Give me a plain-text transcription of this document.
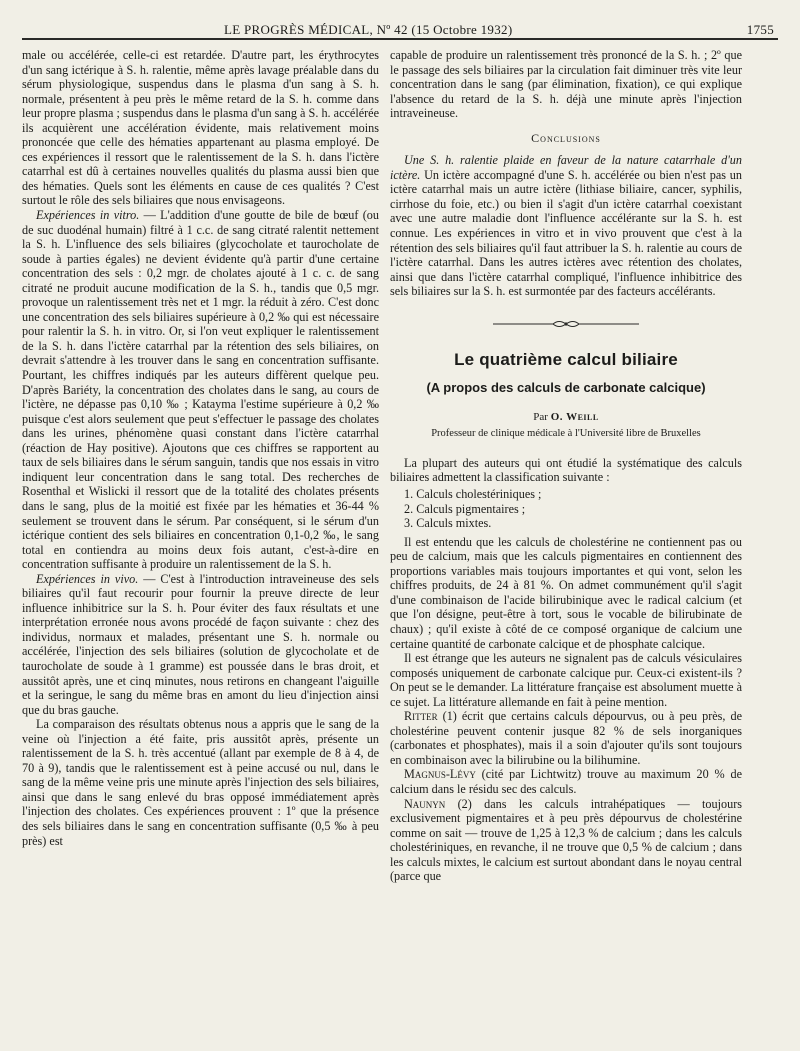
LE PROGRÈS MÉDICAL, Nº 42 (15 Octobre 1932)	1755

male ou accélérée, celle-ci est retardée. D'autre part, les érythrocytes d'un sang ictérique à S. h. ralentie, même après lavage préalable dans du sérum physiologique, suspendus dans le plasma d'un sang à S. h. normale, présentent à peu près le même retard de la S. h. comme dans leur propre plasma ; suspendus dans le plasma d'un sang à S. h. accélérée ils acquièrent une accélération évidente, mais relativement moins prononcée que celle des hématies appartenant au plasma employé. De ces expériences il ressort que le ralentissement de la S. h. dans l'ictère catarrhal est dû à certaines nouvelles qualités du plasma aussi bien que des hématies. Quels sont les éléments en cause de ces qualités ? C'est surtout le rôle des sels biliaires que nous envisageons.

Expériences in vitro. — L'addition d'une goutte de bile de bœuf (ou de suc duodénal humain) filtré à 1 c.c. de sang citraté ralentit nettement la S. h. L'influence des sels biliaires (glycocholate et taurocholate de soude à parties égales) ne devient évidente qu'à partir d'une certaine concentration des sels : 0,2 mgr. de cholates ajouté à 1 c. c. de sang citraté ne produit aucune modification de la S. h., tandis que 0,5 mgr. provoque un ralentissement très net et 1 mgr. la réduit à zéro. C'est donc une concentration des sels biliaires supérieure à 0,2 ‰ qui est nécessaire pour ralentir la S. h. in vitro. Or, si l'on veut expliquer le ralentissement de la S. h. dans l'ictère catarrhal par la rétention des sels biliaires, on devrait s'attendre à les trouver dans le sang en concentration suffisante. Pourtant, les chiffres indiqués par les auteurs diffèrent quelque peu. D'après Bariéty, la concentration des cholates dans le sang, au cours de l'ictère, ne dépasse pas 0,10 ‰ ; Katayma l'estime supérieure à 0,2 ‰ puisque c'est alors seulement que peut s'effectuer le passage des cholates dans les urines, phénomène quasi constant dans l'ictère catarrhal (réaction de Hay positive). Ajoutons que ces chiffres se rapportent au taux de sels biliaires dans le sérum sanguin, tandis que nos essais in vitro indiquent leur concentration dans le sang total. Des recherches de Rosenthal et Wislicki il ressort que de la totalité des cholates présents dans le sang, plus de la moitié est fixée par les hématies et 36-44 % seulement se trouvent dans le sérum. Par conséquent, si le sérum d'un ictérique contient des sels biliaires en concentration 0,1-0,2 ‰, le sang total en contiendra au moins deux fois autant, c'est-à-dire en concentration suffisante à produire un ralentissement de la S. h.

Expériences in vivo. — C'est à l'introduction intraveineuse des sels biliaires qu'il faut recourir pour fournir la preuve directe de leur influence inhibitrice sur la S. h. Pour éviter des faux résultats et une interprétation erronée nous avons procédé de façon suivante : chez des individus, normaux et malades, présentant une S. h. normale ou accélérée, l'injection des sels biliaires (solution de glycocholate et de taurocholate de soude à 1 gramme) est poussée dans le bras droit, et aussitôt après, une et cinq minutes, nous retirons en changeant l'aiguille et la seringue, le sang du même bras en amont du lieu d'injection ainsi que du bras gauche.

La comparaison des résultats obtenus nous a appris que le sang de la veine où l'injection a été faite, pris aussitôt après, présente un ralentissement de la S. h. très accentué (allant par exemple de 8 à 4, de 70 à 9), tandis que le ralentissement est à peine accusé ou nul, dans le sang de la même veine pris une minute après l'injection des sels biliaires, ainsi que dans le sang enlevé du bras opposé immédiatement après l'injection des cholates. Ces expériences prouvent : 1º que la présence des sels biliaires dans le sang en concentration suffisante (0,5 ‰ à peu près) est

capable de produire un ralentissement très prononcé de la S. h. ; 2º que le passage des sels biliaires par la circulation fait diminuer très vite leur concentration dans le sang (par élimination, fixation), ce qui explique l'absence du retard de la S. h. déjà une minute après l'injection intraveineuse.

Conclusions

Une S. h. ralentie plaide en faveur de la nature catarrhale d'un ictère. Un ictère accompagné d'une S. h. accélérée ou bien n'est pas un ictère catarrhal mais un autre ictère (lithiase biliaire, cancer, syphilis, cirrhose du foie, etc.) ou bien il s'agit d'un ictère catarrhal coexistant avec une autre maladie dont l'influence accélérante sur la S. h. est connue. Les expériences in vitro et in vivo prouvent que c'est à la rétention des sels biliaires qu'il faut attribuer la S. h. ralentie au cours de l'ictère catarrhal. Dans les autres ictères avec rétention des cholates, ainsi que dans l'ictère catarrhal compliqué, l'influence inhibitrice des sels biliaires sur la S. h. est surmontée par des facteurs accélérants.

Le quatrième calcul biliaire
(A propos des calculs de carbonate calcique)
Par O. Weill
Professeur de clinique médicale à l'Université libre de Bruxelles

La plupart des auteurs qui ont étudié la systématique des calculs biliaires admettent la classification suivante :

1. Calculs cholestériniques ;
2. Calculs pigmentaires ;
3. Calculs mixtes.

Il est entendu que les calculs de cholestérine ne contiennent pas ou peu de calcium, mais que les calculs pigmentaires en contiennent des proportions variables mais toujours importantes et qui vont, selon les chiffres produits, de 24 à 81 %. On admet communément qu'il s'agit d'une combinaison de l'acide bilirubinique avec le radical calcium (et que l'on désigne, peut-être à tort, sous le vocable de bilirubinate de chaux) ; qu'il existe à côté de ce composé organique de calcium une certaine quantité de carbonate calcique et de phosphate calcique.

Il est étrange que les auteurs ne signalent pas de calculs vésiculaires composés uniquement de carbonate calcique pur. Ceux-ci existent-ils ? On peut se le demander. La littérature française est absolument muette à ce sujet. La littérature allemande en fait à peine mention.

Ritter (1) écrit que certains calculs dépourvus, ou à peu près, de cholestérine peuvent contenir jusque 82 % de sels inorganiques (carbonates et phosphates), mais il a soin d'ajouter qu'ils sont toujours en combinaison avec la bilirubine ou la bilihumine.

Magnus-Lévy (cité par Lichtwitz) trouve au maximum 20 % de calcium dans le résidu sec des calculs.

Naunyn (2) dans les calculs intrahépatiques — toujours exclusivement pigmentaires et à peu près dépourvus de cholestérine comme on sait — trouve de 1,25 à 12,3 % de calcium ; dans les calculs cholestériniques, en revanche, il ne trouve que 0,5 % de calcium ; dans les calculs mixtes, le calcium est surtout abondant dans le noyau central (parce que
